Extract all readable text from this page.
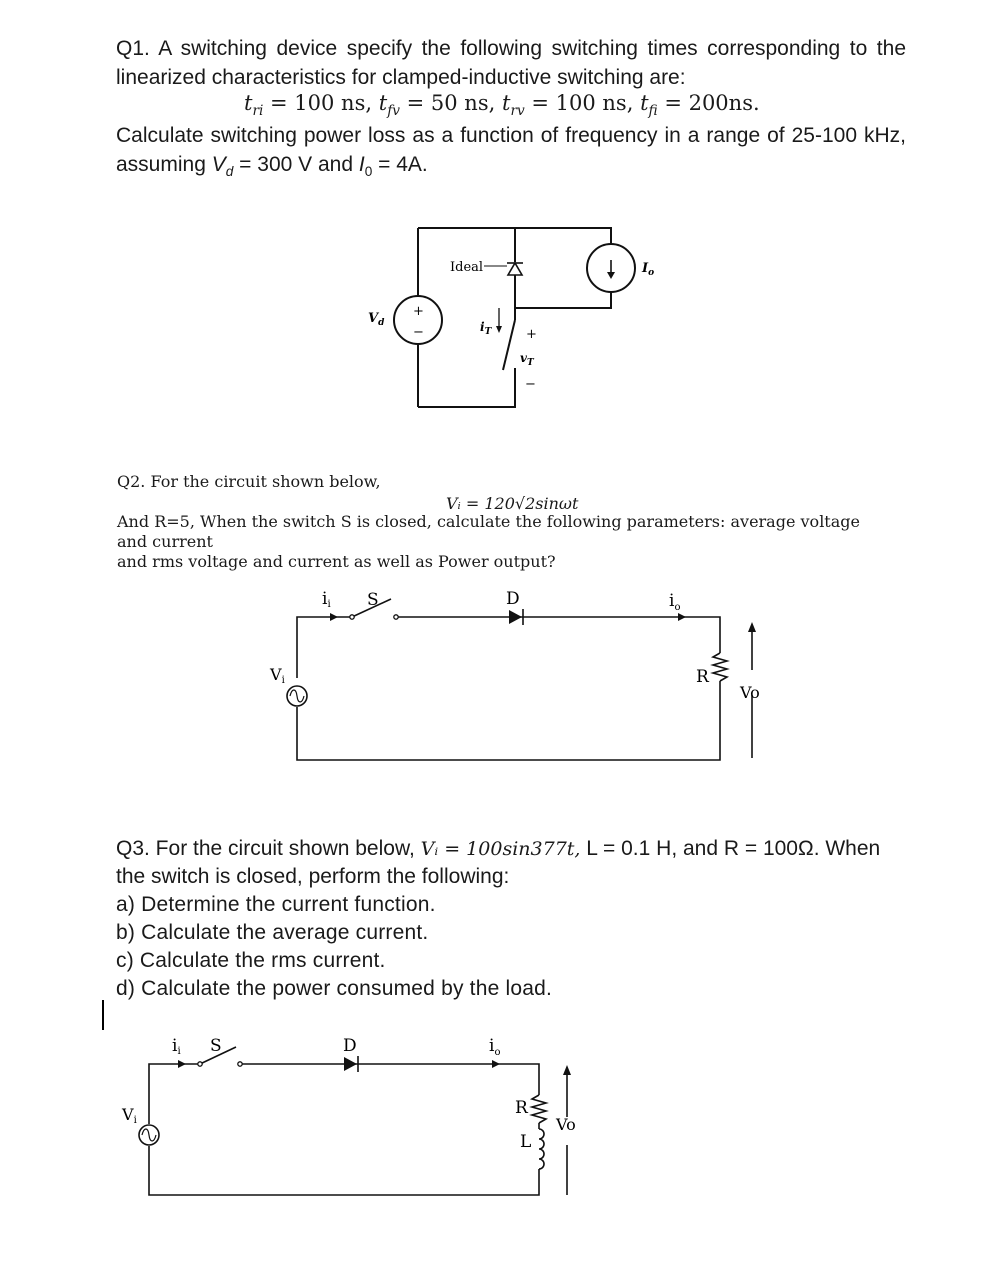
Q1. A switching device specify the following switching times corresponding to the

linearized characteristics for clamped-inductive switching are:

Calculate switching power loss as a function of frequency in a range of 25-100 kHz,

assuming $V_d = 300$ V and $I_0 = 4A$.

$t_{ri} = 100$ ns, $t_{fv} = 50$ ns, $t_{rv} = 100$ ns, $t_{fi} = 200ns$.
Ideal
$V_d$
+
−	$i_T$	+
$v_T$
−
$I_o$

Q2. For the circuit shown below,

And R=5, When the switch S is closed, calculate the following parameters: average voltage and current

and rms voltage and current as well as Power output?

Vᵢ = 120√2sinωt
ii S	D	$i_o$
Vi	R
Vo

Q3. For the circuit shown below, Vᵢ = 100sin377t, L = 0.1 H, and R = 100Ω. When

the switch is closed, perform the following:

a) Determine the current function.

b) Calculate the average current.

c) Calculate the rms current.

d) Calculate the power consumed by the load.

ii S	D	$i_o$
Vi
R
L
Vo
